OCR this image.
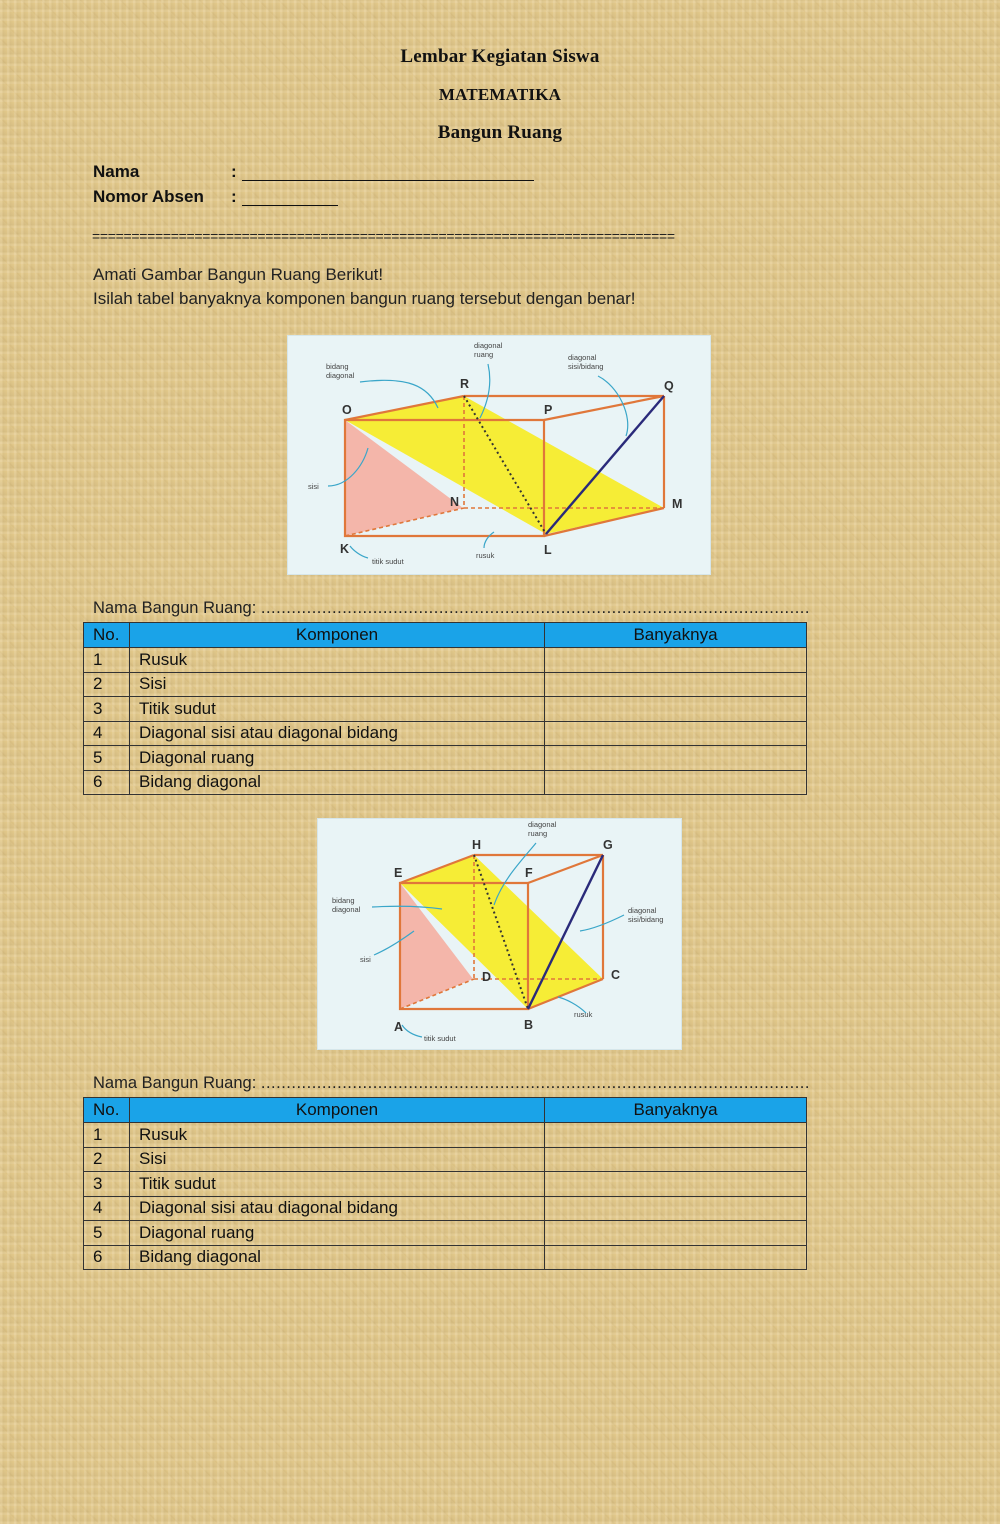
Lembar Kegiatan Siswa
MATEMATIKA
Bangun Ruang
Nama	:
Nomor Absen :
==========================================================================
Amati Gambar Bangun Ruang Berikut!
Isilah tabel banyaknya komponen bangun ruang tersebut dengan benar!
O	P
Q
R
K	L
M
N
bidang
diagonal
diagonal
ruang	diagonal
sisi/bidang
sisi
titik sudut
rusuk
Nama Bangun Ruang: ............................................................................................................
No.	Komponen	Banyaknya
1	Rusuk	
2	Sisi	
3	Titik sudut	
4	Diagonal sisi atau diagonal bidang	
5	Diagonal ruang	
6	Bidang diagonal	
E	F
G
H
A	B
C
D
diagonal
ruang
bidang
diagonal	diagonal
sisi/bidang
sisi
rusuk
titik sudut
Nama Bangun Ruang: ............................................................................................................
No.	Komponen	Banyaknya
1	Rusuk	
2	Sisi	
3	Titik sudut	
4	Diagonal sisi atau diagonal bidang	
5	Diagonal ruang	
6	Bidang diagonal	
